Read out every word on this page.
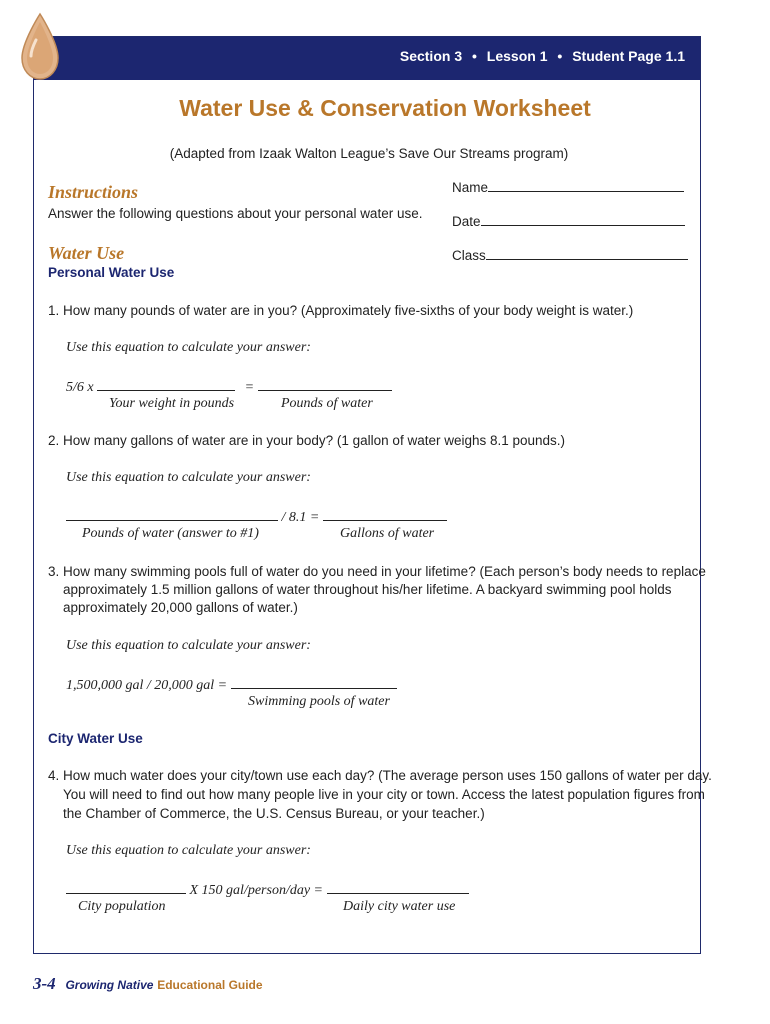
Section 3 • Lesson 1 • Student Page 1.1
Water Use & Conservation Worksheet
(Adapted from Izaak Walton League’s Save Our Streams program)
Name
Date
Class
Instructions
Answer the following questions about your personal water use.
Water Use
Personal Water Use
1. How many pounds of water are in you? (Approximately five-sixths of your body weight is water.)
Use this equation to calculate your answer:
5/6 x	=
Your weight in pounds	Pounds of water
2. How many gallons of water are in your body? (1 gallon of water weighs 8.1 pounds.)
Use this equation to calculate your answer:
/ 8.1 =
Pounds of water (answer to #1)	Gallons of water
3. How many swimming pools full of water do you need in your lifetime? (Each person’s body needs to replace
approximately 1.5 million gallons of water throughout his/her lifetime. A backyard swimming pool holds
approximately 20,000 gallons of water.)
Use this equation to calculate your answer:
1,500,000 gal / 20,000 gal =
Swimming pools of water
City Water Use
4. How much water does your city/town use each day? (The average person uses 150 gallons of water per day.
You will need to find out how many people live in your city or town. Access the latest population figures from
the Chamber of Commerce, the U.S. Census Bureau, or your teacher.)
Use this equation to calculate your answer:
X 150 gal/person/day =
City population	Daily city water use
3-4 Growing Native Educational Guide
